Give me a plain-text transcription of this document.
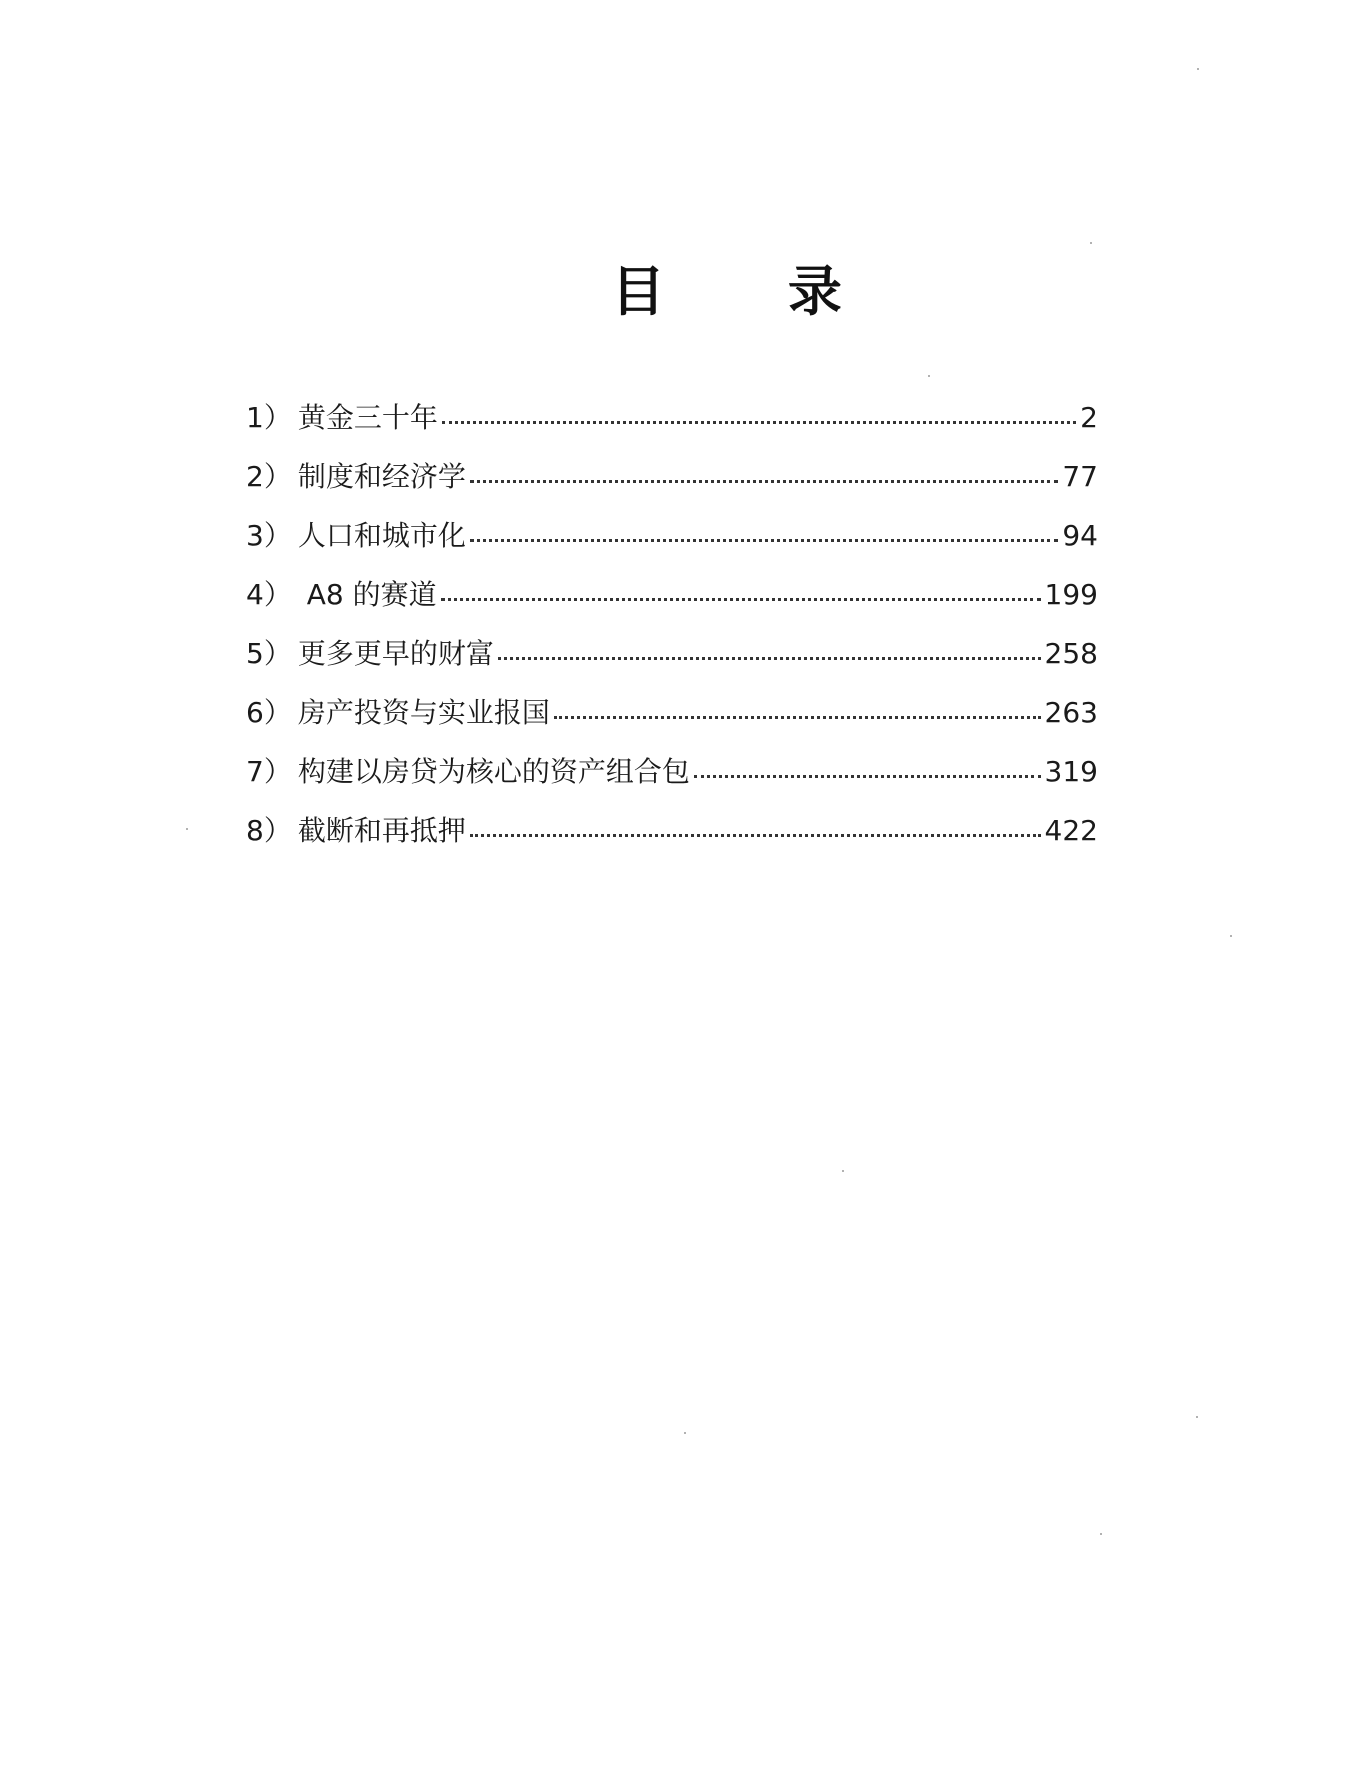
目 录
1） 黄金三十年	2
2） 制度和经济学	77
3） 人口和城市化	94
4） A8 的赛道	199
5） 更多更早的财富	258
6） 房产投资与实业报国	263
7） 构建以房贷为核心的资产组合包	319
8） 截断和再抵押	422
